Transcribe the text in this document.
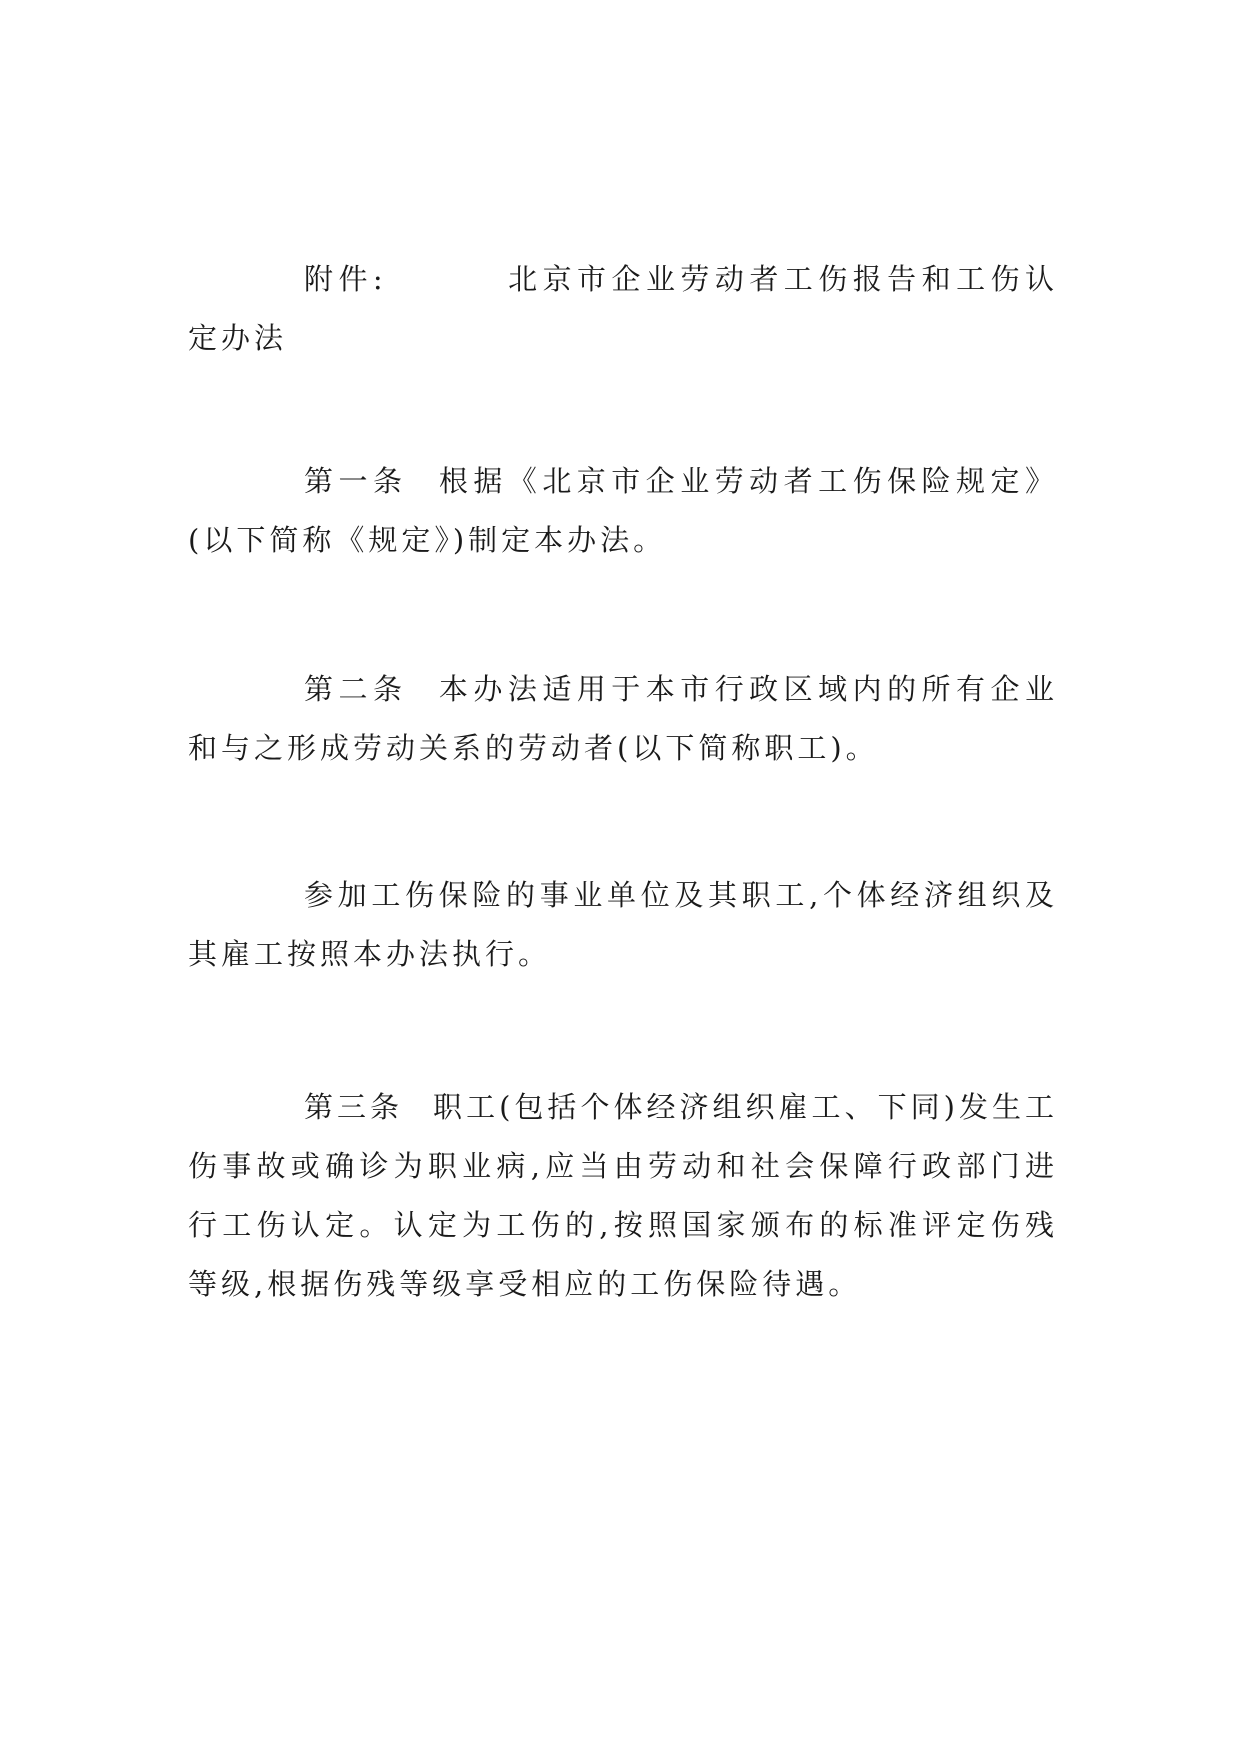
附件:	北京市企业劳动者工伤报告和工伤认定办法

第一条 根据《北京市企业劳动者工伤保险规定》(以下简称《规定》)制定本办法。

第二条 本办法适用于本市行政区域内的所有企业和与之形成劳动关系的劳动者(以下简称职工)。

参加工伤保险的事业单位及其职工,个体经济组织及其雇工按照本办法执行。

第三条 职工(包括个体经济组织雇工、下同)发生工伤事故或确诊为职业病,应当由劳动和社会保障行政部门进行工伤认定。认定为工伤的,按照国家颁布的标准评定伤残等级,根据伤残等级享受相应的工伤保险待遇。
